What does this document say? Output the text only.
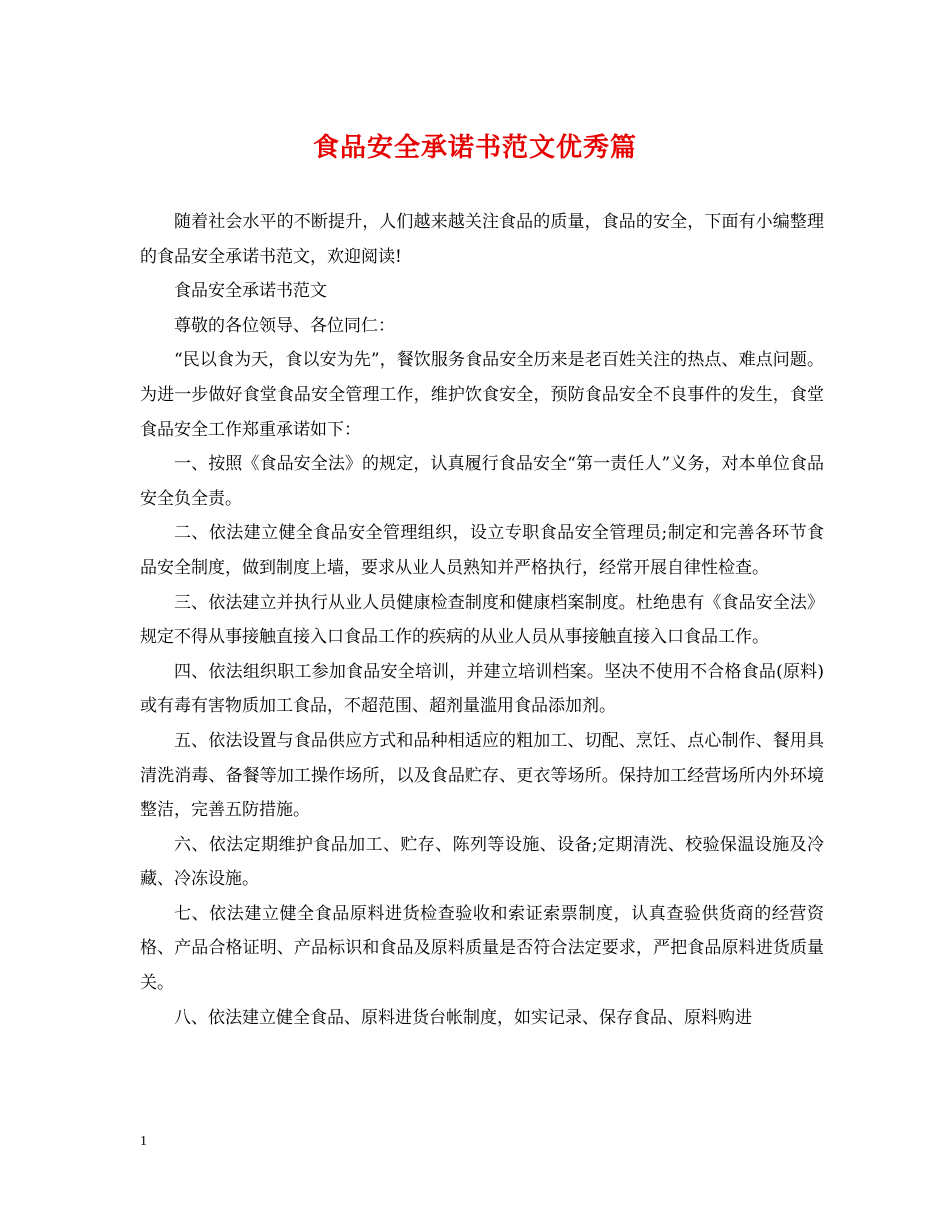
食品安全承诺书范文优秀篇

随着社会水平的不断提升，人们越来越关注食品的质量，食品的安全，下面有小编整理的食品安全承诺书范文，欢迎阅读!

食品安全承诺书范文

尊敬的各位领导、各位同仁：

“民以食为天，食以安为先”，餐饮服务食品安全历来是老百姓关注的热点、难点问题。为进一步做好食堂食品安全管理工作，维护饮食安全，预防食品安全不良事件的发生，食堂食品安全工作郑重承诺如下：

一、按照《食品安全法》的规定，认真履行食品安全“第一责任人”义务，对本单位食品安全负全责。

二、依法建立健全食品安全管理组织，设立专职食品安全管理员;制定和完善各环节食品安全制度，做到制度上墙，要求从业人员熟知并严格执行，经常开展自律性检查。

三、依法建立并执行从业人员健康检查制度和健康档案制度。杜绝患有《食品安全法》规定不得从事接触直接入口食品工作的疾病的从业人员从事接触直接入口食品工作。

四、依法组织职工参加食品安全培训，并建立培训档案。坚决不使用不合格食品(原料)或有毒有害物质加工食品，不超范围、超剂量滥用食品添加剂。

五、依法设置与食品供应方式和品种相适应的粗加工、切配、烹饪、点心制作、餐用具清洗消毒、备餐等加工操作场所，以及食品贮存、更衣等场所。保持加工经营场所内外环境整洁，完善五防措施。

六、依法定期维护食品加工、贮存、陈列等设施、设备;定期清洗、校验保温设施及冷藏、冷冻设施。

七、依法建立健全食品原料进货检查验收和索证索票制度，认真查验供货商的经营资格、产品合格证明、产品标识和食品及原料质量是否符合法定要求，严把食品原料进货质量关。

八、依法建立健全食品、原料进货台帐制度，如实记录、保存食品、原料购进

1
